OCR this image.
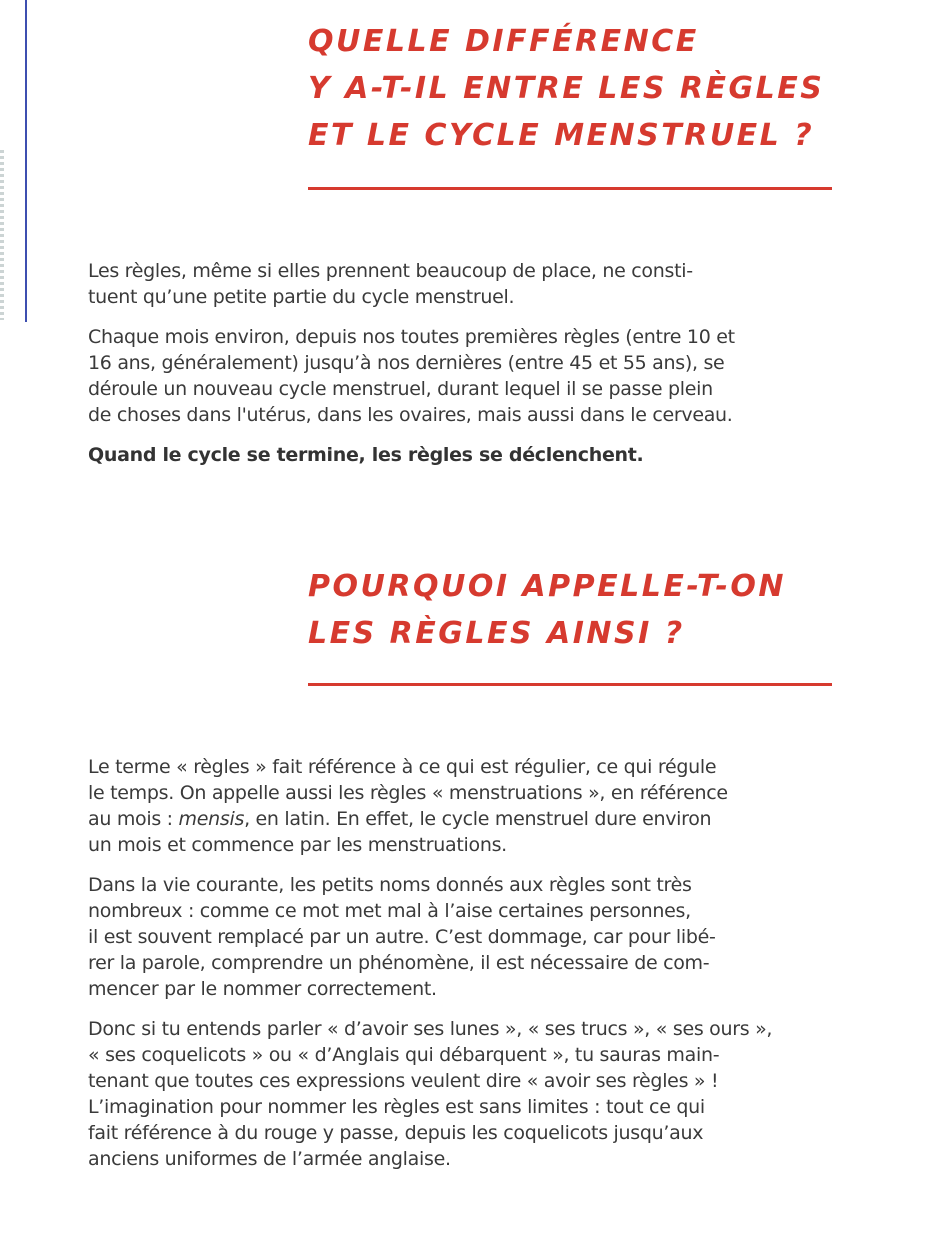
QUELLE DIFFÉRENCE
Y A-T-IL ENTRE LES RÈGLES
ET LE CYCLE MENSTRUEL ?

Les règles, même si elles prennent beaucoup de place, ne consti-
tuent qu’une petite partie du cycle menstruel.

Chaque mois environ, depuis nos toutes premières règles (entre 10 et
16 ans, généralement) jusqu’à nos dernières (entre 45 et 55 ans), se
déroule un nouveau cycle menstruel, durant lequel il se passe plein
de choses dans l'utérus, dans les ovaires, mais aussi dans le cerveau.

Quand le cycle se termine, les règles se déclenchent.

POURQUOI APPELLE-T-ON
LES RÈGLES AINSI ?

Le terme « règles » fait référence à ce qui est régulier, ce qui régule
le temps. On appelle aussi les règles « menstruations », en référence
au mois : mensis, en latin. En effet, le cycle menstruel dure environ
un mois et commence par les menstruations.

Dans la vie courante, les petits noms donnés aux règles sont très
nombreux : comme ce mot met mal à l’aise certaines personnes,
il est souvent remplacé par un autre. C’est dommage, car pour libé-
rer la parole, comprendre un phénomène, il est nécessaire de com-
mencer par le nommer correctement.

Donc si tu entends parler « d’avoir ses lunes », « ses trucs », « ses ours »,
« ses coquelicots » ou « d’Anglais qui débarquent », tu sauras main-
tenant que toutes ces expressions veulent dire « avoir ses règles » !
L’imagination pour nommer les règles est sans limites : tout ce qui
fait référence à du rouge y passe, depuis les coquelicots jusqu’aux
anciens uniformes de l’armée anglaise.
